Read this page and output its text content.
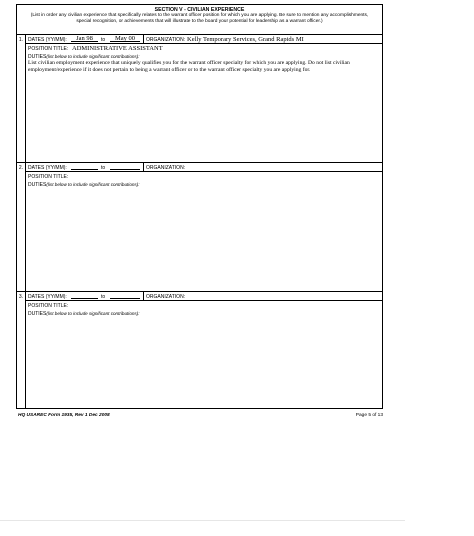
SECTION V - CIVILIAN EXPERIENCE
(List in order any civilian experience that specifically relates to the warrant officer position for which you are applying. Be sure to mention any accomplishments, special recognition, or achievements that will illustrate to the board your potential for leadership as a warrant officer.)
1. DATES (YY/MM):	Jan 98	to	May 00	ORGANIZATION: Kelly Temporary Services, Grand Rapids MI
POSITION TITLE: ADMINISTRATIVE ASSISTANT
DUTIES(list below to include significant contributions):
List civilian employment experience that uniquely qualifies you for the warrant officer specialty for which you are applying. Do not list civilian employment/experience if it does not pertain to being a warrant officer or to the warrant officer specialty you are applying for.
2. DATES (YY/MM):	to	ORGANIZATION:
POSITION TITLE:
DUTIES(list below to include significant contributions):
3. DATES (YY/MM):	to	ORGANIZATION:
POSITION TITLE:
DUTIES(list below to include significant contributions):
HQ USAREC Form 1935, Rev 1 Dec 2008	Page 5 of 13
